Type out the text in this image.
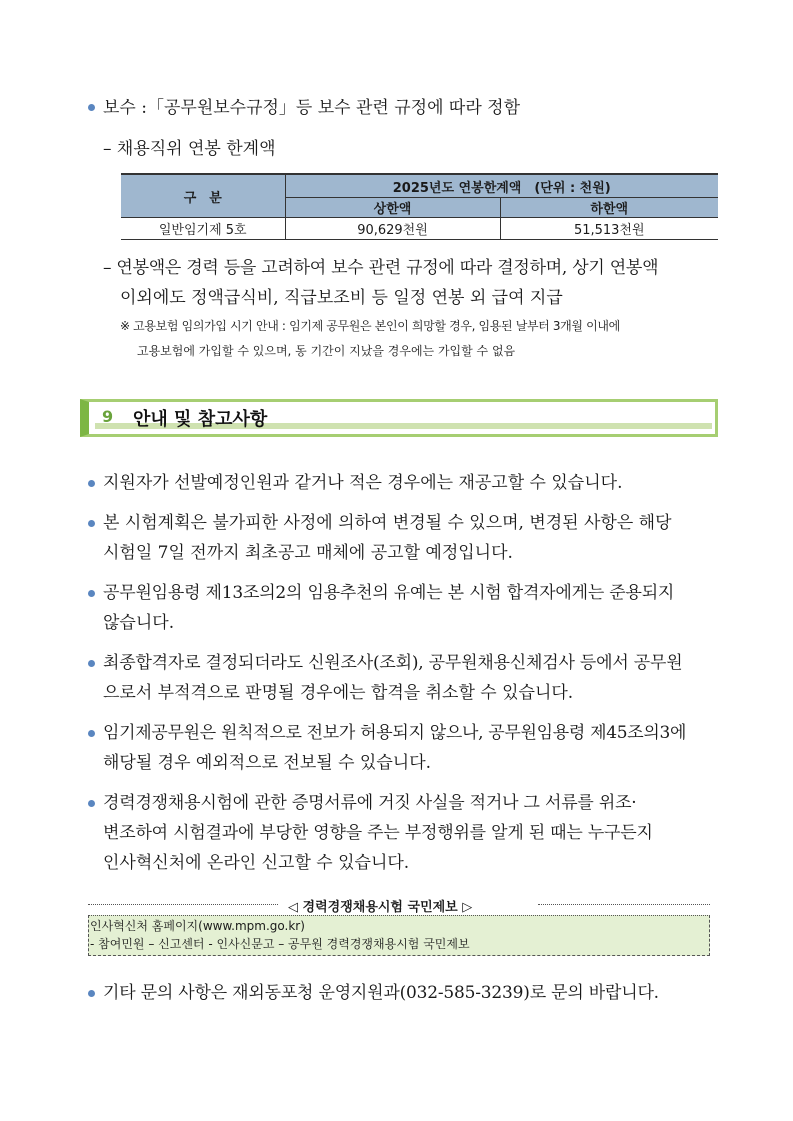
보수 :「공무원보수규정」등 보수 관련 규정에 따라 정함
– 채용직위 연봉 한계액
구　분	2025년도 연봉한계액　(단위 : 천원)	
	상한액	하한액
일반임기제 5호	90,629천원	51,513천원
– 연봉액은 경력 등을 고려하여 보수 관련 규정에 따라 결정하며, 상기 연봉액
이외에도 정액급식비, 직급보조비 등 일정 연봉 외 급여 지급
※ 고용보험 임의가입 시기 안내 : 임기제 공무원은 본인이 희망할 경우, 임용된 날부터 3개월 이내에
고용보험에 가입할 수 있으며, 동 기간이 지났을 경우에는 가입할 수 없음
9 안내 및 참고사항
지원자가 선발예정인원과 같거나 적은 경우에는 재공고할 수 있습니다.
본 시험계획은 불가피한 사정에 의하여 변경될 수 있으며, 변경된 사항은 해당
시험일 7일 전까지 최초공고 매체에 공고할 예정입니다.
공무원임용령 제13조의2의 임용추천의 유예는 본 시험 합격자에게는 준용되지
않습니다.
최종합격자로 결정되더라도 신원조사(조회), 공무원채용신체검사 등에서 공무원
으로서 부적격으로 판명될 경우에는 합격을 취소할 수 있습니다.
임기제공무원은 원칙적으로 전보가 허용되지 않으나, 공무원임용령 제45조의3에
해당될 경우 예외적으로 전보될 수 있습니다.
경력경쟁채용시험에 관한 증명서류에 거짓 사실을 적거나 그 서류를 위조·
변조하여 시험결과에 부당한 영향을 주는 부정행위를 알게 된 때는 누구든지
인사혁신처에 온라인 신고할 수 있습니다.
◁ 경력경쟁채용시험 국민제보 ▷
인사혁신처 홈페이지(www.mpm.go.kr)
- 참여민원 – 신고센터 - 인사신문고 – 공무원 경력경쟁채용시험 국민제보
기타 문의 사항은 재외동포청 운영지원과(032-585-3239)로 문의 바랍니다.
